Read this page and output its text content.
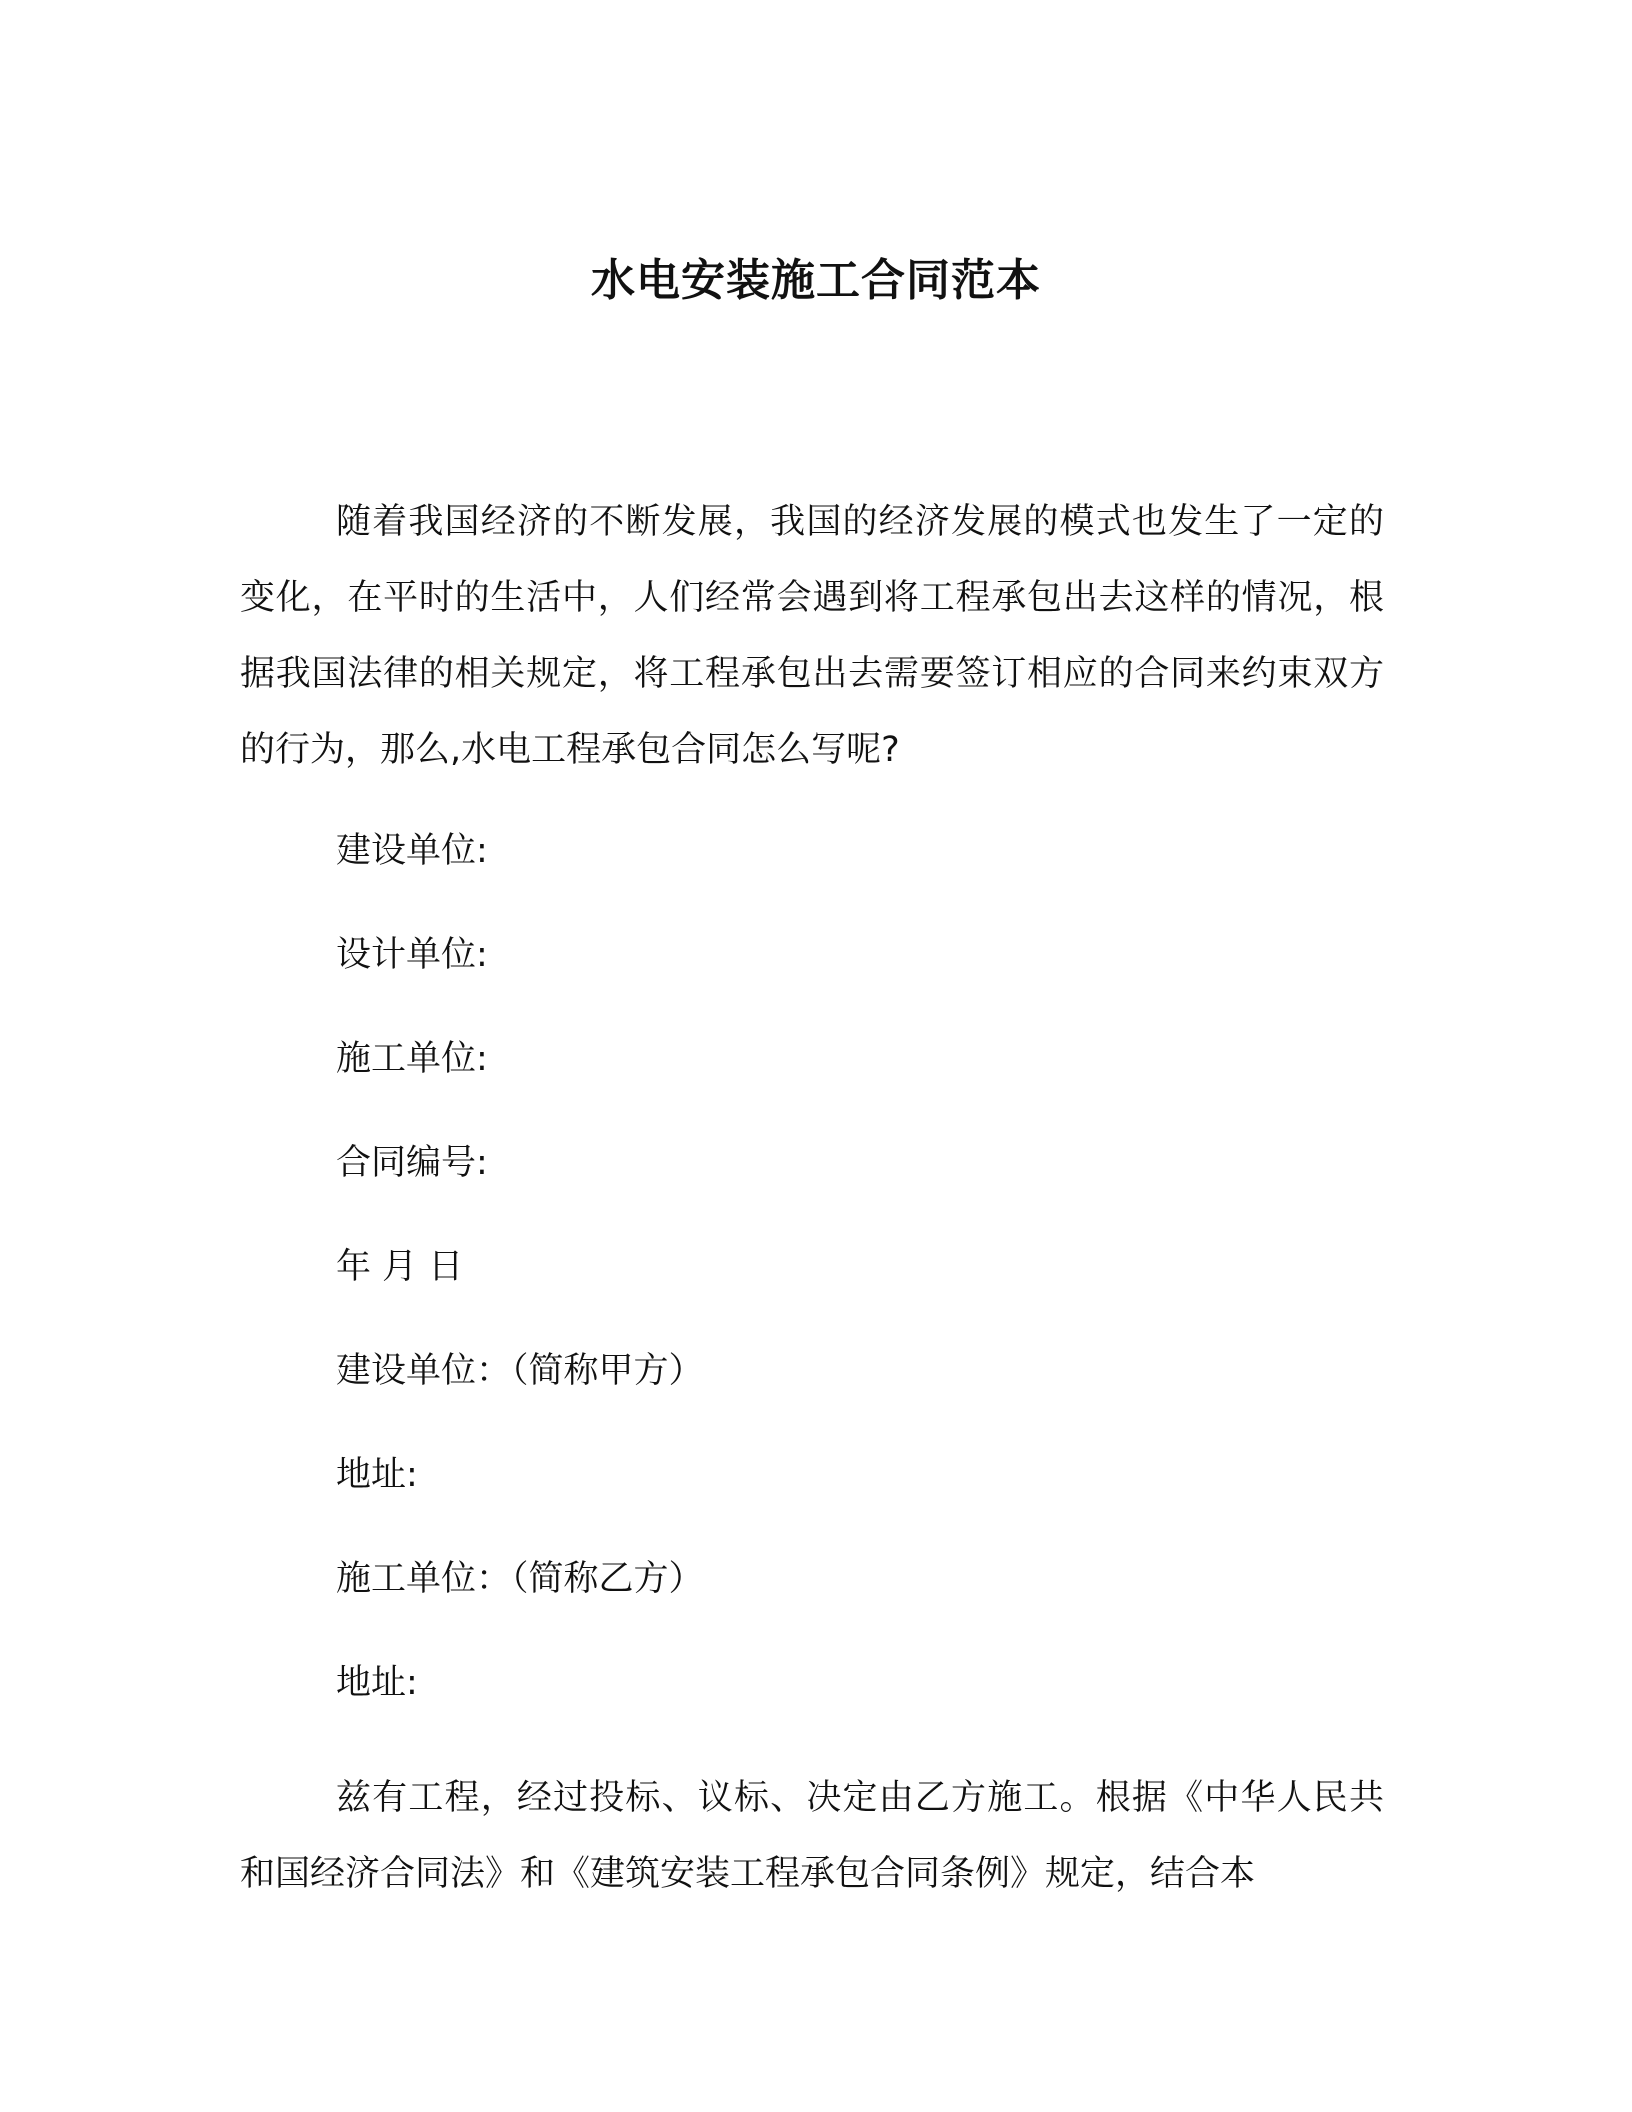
水电安装施工合同范本

随着我国经济的不断发展，我国的经济发展的模式也发生了一定的变化，在平时的生活中，人们经常会遇到将工程承包出去这样的情况，根据我国法律的相关规定，将工程承包出去需要签订相应的合同来约束双方的行为，那么,水电工程承包合同怎么写呢?

建设单位:
设计单位:
施工单位:
合同编号:
年 月 日
建设单位：（简称甲方）
地址:
施工单位：（简称乙方）
地址:

兹有工程，经过投标、议标、决定由乙方施工。根据《中华人民共和国经济合同法》和《建筑安装工程承包合同条例》规定，结合本
